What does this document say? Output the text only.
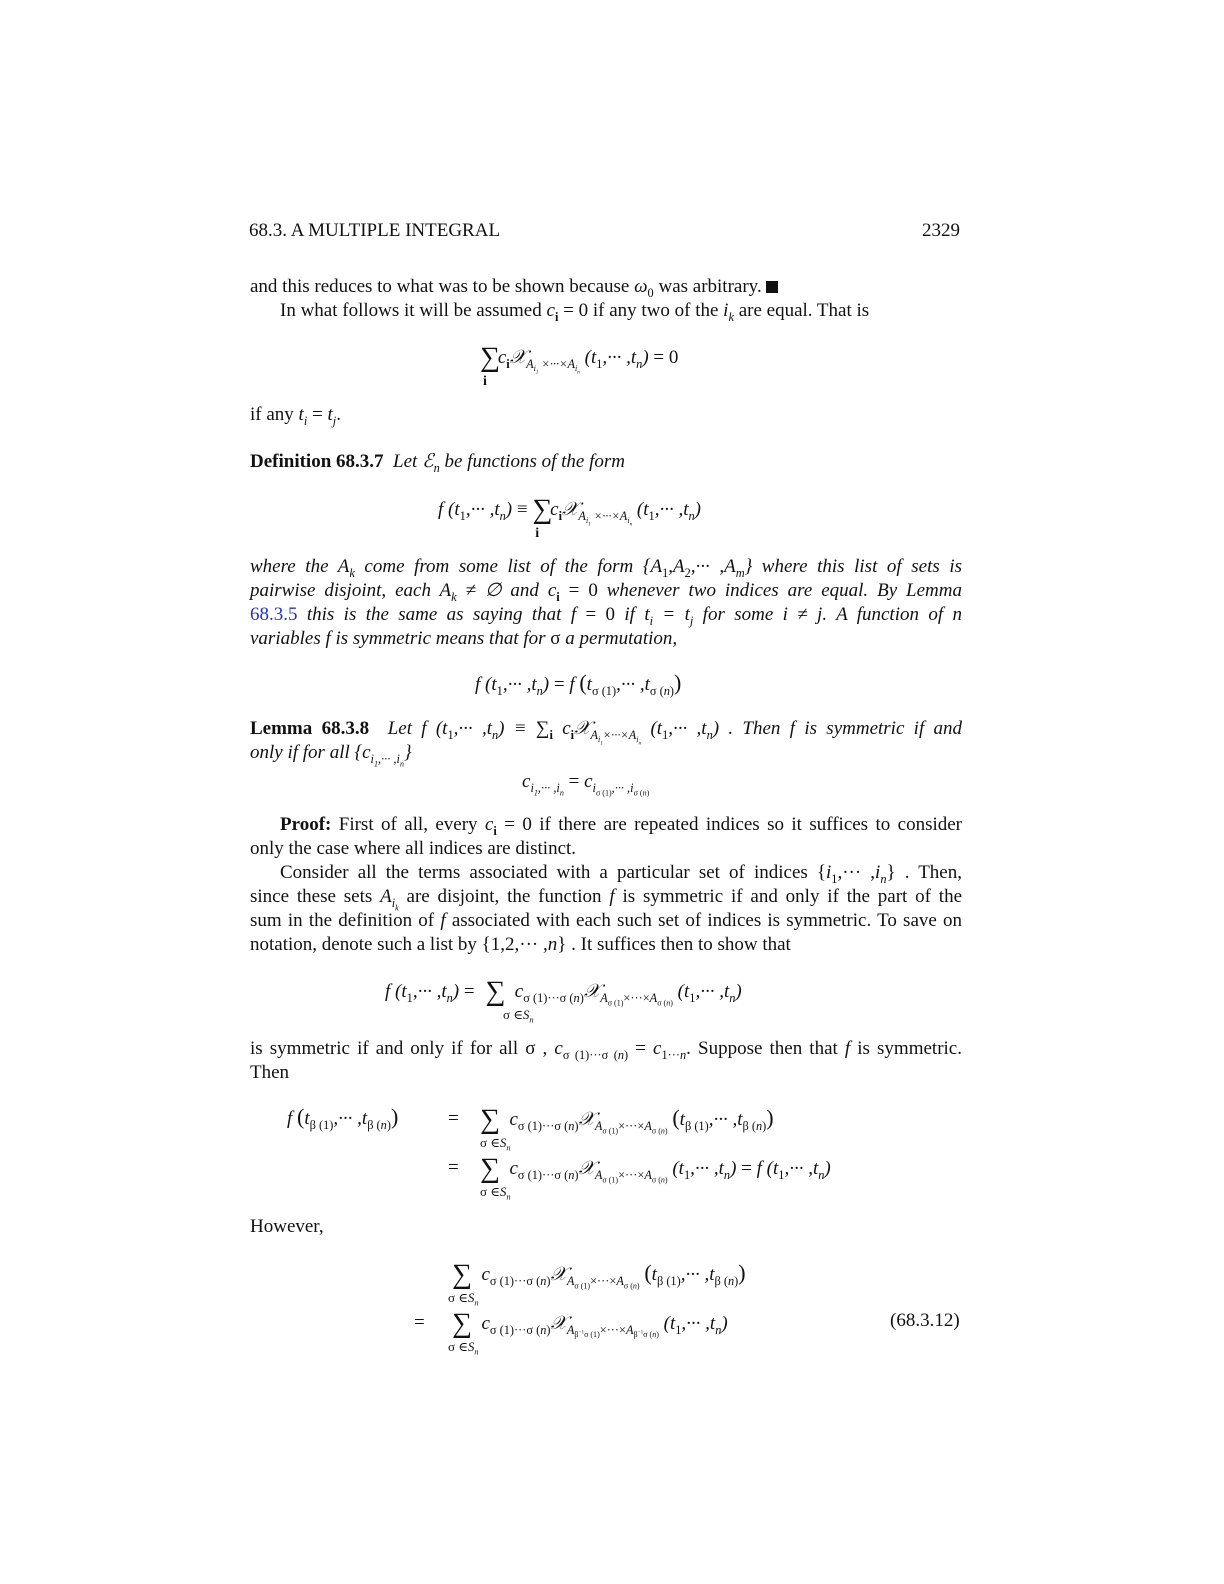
68.3. A MULTIPLE INTEGRAL	2329
and this reduces to what was to be shown because $\omega_0$ was arbitrary.
In what follows it will be assumed $c_i = 0$ if any two of the $i_k$ are equal. That is
$\sum_ic_i𝒳_{A_{i_1} \times\cdot\cdot\cdot\times A_{i_n}}$ $(t_1,\cdot\cdot\cdot ,t_n) = 0$
if any $t_i = t_j$.
Definition 68.3.7 Let ℰ$_n$ be functions of the form
f $(t_1,\cdot\cdot\cdot ,t_n)$ ≡ $\sum_ic_i𝒳_{A_{i_1} \times\cdot\cdot\cdot\times A_{i_n}}$ $(t_1,\cdot\cdot\cdot ,t_n)$
where the $A_k$ come from some list of the form $\{A_1,A_2,\cdot\cdot\cdot ,A_m\}$ where this list of sets is
pairwise disjoint, each $A_k$ ≠ ∅ and $c_i = 0$ whenever two indices are equal. By Lemma
68.3.5 this is the same as saying that f = 0 if $t_i = t_j$ for some i ≠ j. A function of n
variables f is symmetric means that for σ a permutation,
f $(t_1,\cdot\cdot\cdot ,t_n) = f$ $(t_{\sigma (1)},\cdot\cdot\cdot ,t_{\sigma (n)})$
Lemma 68.3.8 Let f $(t_1,\cdot\cdot\cdot ,t_n) \equiv \sum_i$ $c_i𝒳_{A_{i_1}\times\cdot\cdot\cdot\times A_{i_n}}$ $(t_1,\cdot\cdot\cdot ,t_n)$ . Then f is symmetric if and
only if for all $\{c_{i_1,\cdot\cdot\cdot ,i_n}\}$
$c_{i_1,\cdot\cdot\cdot ,i_n} = c_{i_{\sigma (1)},\cdot\cdot\cdot ,i_{\sigma (n)}}$
Proof: First of all, every $c_i = 0$ if there are repeated indices so it suffices to consider
only the case where all indices are distinct.
Consider all the terms associated with a particular set of indices $\{i_1,\cdot\cdot\cdot ,i_n\}$ . Then,
since these sets $A_{i_k}$ are disjoint, the function f is symmetric if and only if the part of the
sum in the definition of f associated with each such set of indices is symmetric. To save on
notation, denote such a list by {1,2,··· ,n} . It suffices then to show that
f $(t_1,\cdot\cdot\cdot ,t_n)$ = ∑
σ $\in S_n$
$c_{\sigma (1)\cdot\cdot\cdot\sigma (n)}𝒳_{A_{\sigma (1)}\times\cdot\cdot\cdot\times A_{\sigma (n)}}$ $(t_1,\cdot\cdot\cdot ,t_n)$
is symmetric if and only if for all σ , $c_{\sigma (1)\cdot\cdot\cdot\sigma (n)} = c_{1\cdot\cdot\cdot n}$. Suppose then that f is symmetric.
Then
f $(t_{\beta (1)},\cdot\cdot\cdot ,t_{\beta (n)})$	= ∑
σ $\in S_n$
$c_{\sigma (1)\cdot\cdot\cdot\sigma (n)}𝒳_{A_{\sigma (1)}\times\cdot\cdot\cdot\times A_{\sigma (n)}}$ $(t_{\beta (1)},\cdot\cdot\cdot ,t_{\beta (n)})$
= ∑
σ $\in S_n$
$c_{\sigma (1)\cdot\cdot\cdot\sigma (n)}𝒳_{A_{\sigma (1)}\times\cdot\cdot\cdot\times A_{\sigma (n)}}$ $(t_1,\cdot\cdot\cdot ,t_n) = f$ $(t_1,\cdot\cdot\cdot ,t_n)$
However,
∑
σ $\in S_n$
$c_{\sigma (1)\cdot\cdot\cdot\sigma (n)}𝒳_{A_{\sigma (1)}\times\cdot\cdot\cdot\times A_{\sigma (n)}}$ $(t_{\beta (1)},\cdot\cdot\cdot ,t_{\beta (n)})$
= ∑
σ $\in S_n$
$c_{\sigma (1)\cdot\cdot\cdot\sigma (n)}𝒳_{A_{\beta^{-1}\sigma (1)}\times\cdot\cdot\cdot\times A_{\beta^{-1}\sigma (n)}}$ $(t_1,\cdot\cdot\cdot ,t_n)$	(68.3.12)
